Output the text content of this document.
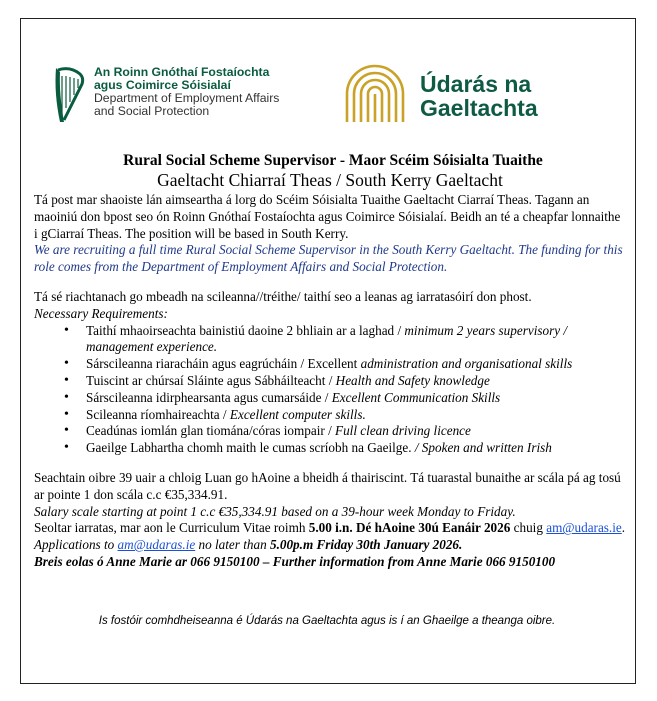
An Roinn Gnóthaí Fostaíochta
agus Coimirce Sóisialaí
Department of Employment Affairs
and Social Protection
Údarás na
Gaeltachta
Rural Social Scheme Supervisor - Maor Scéim Sóisialta Tuaithe
Gaeltacht Chiarraí Theas / South Kerry Gaeltacht

Tá post mar shaoiste lán aimseartha á lorg do Scéim Sóisialta Tuaithe Gaeltacht Ciarraí Theas. Tagann an maoiniú don bpost seo ón Roinn Gnóthaí Fostaíochta agus Coimirce Sóisialaí. Beidh an té a cheapfar lonnaithe i gCiarraí Theas. The position will be based in South Kerry.

We are recruiting a full time Rural Social Scheme Supervisor in the South Kerry Gaeltacht. The funding for this role comes from the Department of Employment Affairs and Social Protection.

Tá sé riachtanach go mbeadh na scileanna//tréithe/ taithí seo a leanas ag iarratasóirí don phost.

Necessary Requirements:

• Taithí mhaoirseachta bainistiú daoine 2 bhliain ar a laghad / minimum 2 years supervisory / management experience.
• Sárscileanna riaracháin agus eagrúcháin / Excellent administration and organisational skills
• Tuiscint ar chúrsaí Sláinte agus Sábháilteacht / Health and Safety knowledge
• Sárscileanna idirphearsanta agus cumarsáide / Excellent Communication Skills
• Scileanna ríomhaireachta / Excellent computer skills.
• Ceadúnas iomlán glan tiomána/córas iompair / Full clean driving licence
• Gaeilge Labhartha chomh maith le cumas scríobh na Gaeilge. / Spoken and written Irish

Seachtain oibre 39 uair a chloig Luan go hAoine a bheidh á thairiscint. Tá tuarastal bunaithe ar scála pá ag tosú ar pointe 1 don scála c.c €35,334.91.

Salary scale starting at point 1 c.c €35,334.91 based on a 39-hour week Monday to Friday.

Seoltar iarratas, mar aon le Curriculum Vitae roimh 5.00 i.n. Dé hAoine 30ú Eanáir 2026 chuig am@udaras.ie. Applications to am@udaras.ie no later than 5.00p.m Friday 30th January 2026.

Breis eolas ó Anne Marie ar 066 9150100 – Further information from Anne Marie 066 9150100

Is fostóir comhdheiseanna é Údarás na Gaeltachta agus is í an Ghaeilge a theanga oibre.
